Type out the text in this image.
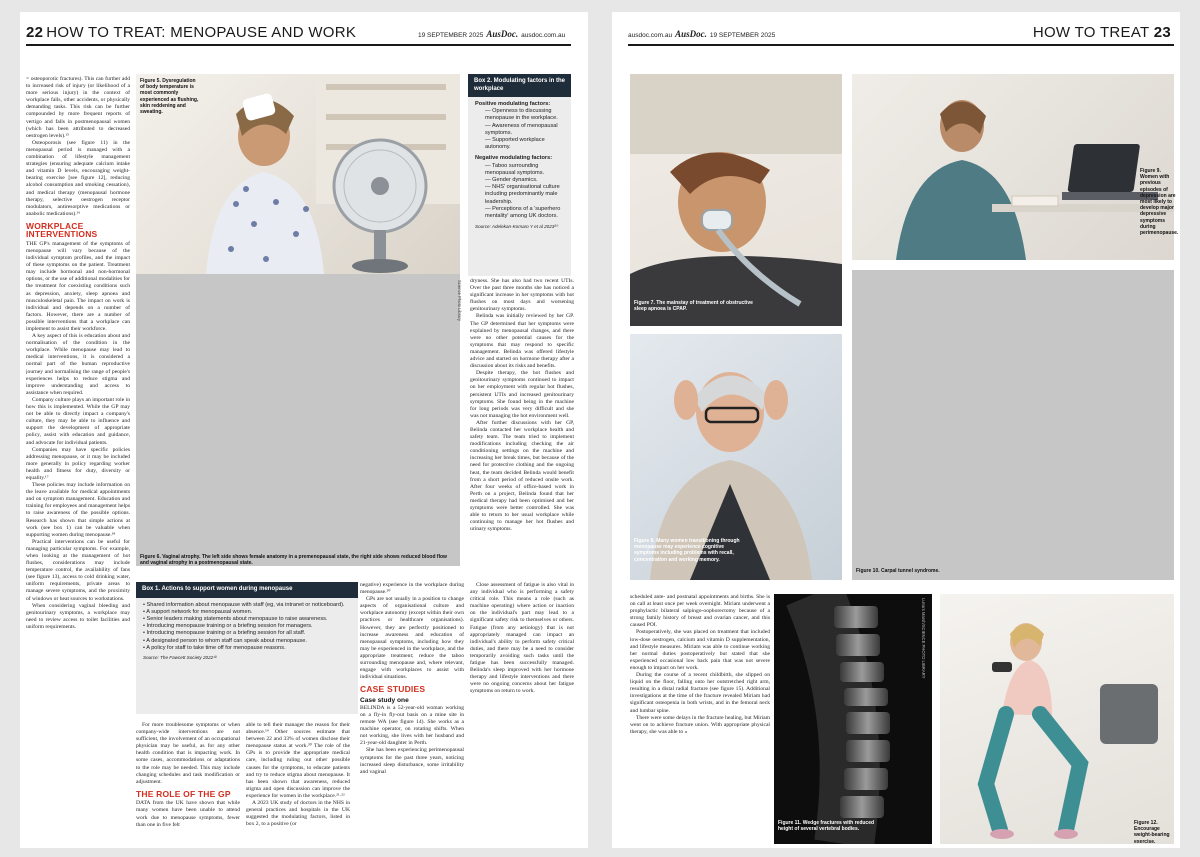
22 HOW TO TREAT: MENOPAUSE AND WORK	19 SEPTEMBER 2025 AusDoc. ausdoc.com.au

= osteoporotic fractures). This can further add to increased risk of injury (or likelihood of a more serious injury) in the context of workplace falls, other accidents, or physically demanding tasks. This risk can be further compounded by more frequent reports of vertigo and falls in postmenopausal women (which has been attributed to decreased oestrogen levels).¹⁵

Osteoporosis (see figure 11) in the menopausal period is managed with a combination of lifestyle management strategies (ensuring adequate calcium intake and vitamin D levels, encouraging weight-bearing exercise [see figure 12], reducing alcohol consumption and smoking cessation), and medical therapy (menopausal hormone therapy, selective oestrogen receptor modulators, antiresorptive medications or anabolic medications).¹⁶

WORKPLACE INTERVENTIONS

THE GP's management of the symptoms of menopause will vary because of the individual symptom profiles, and the impact of these symptoms on the patient. Treatment may include hormonal and non-hormonal options, or the use of additional modalities for the treatment for coexisting conditions such as depression, anxiety, sleep apnoea and musculoskeletal pain. The impact on work is individual and depends on a number of factors. However, there are a number of possible interventions that a workplace can implement to assist their workforce.

A key aspect of this is education about and normalisation of the condition in the workplace. While menopause may lead to medical interventions, it is considered a normal part of the human reproductive journey and normalising the range of people's experiences helps to reduce stigma and improve understanding and access to assistance when required.

Company culture plays an important role in how this is implemented. While the GP may not be able to directly impact a company's culture, they may be able to influence and support the development of appropriate policy, assist with education and guidance, and advocate for individual patients.

Companies may have specific policies addressing menopause, or it may be included more generally in policy regarding worker health and fitness for duty, diversity or equality.¹⁷

These policies may include information on the leave available for medical appointments and on symptom management. Education and training for employees and management helps to raise awareness of the possible options. Research has shown that simple actions at work (see box 1) can be valuable when supporting women during menopause.¹⁸

Practical interventions can be useful for managing particular symptoms. For example, when looking at the management of hot flushes, considerations may include temperature control, the availability of fans (see figure 13), access to cold drinking water, uniform requirements, private areas to manage severe symptoms, and the proximity of windows or heat sources to workstations.

When considering vaginal bleeding and genitourinary symptoms, a workplace may need to review access to toilet facilities and uniform requirements.

Figure 5. Dysregulation of body temperature is most commonly experienced as flushing, skin reddening and sweating.
Box 2. Modulating factors in the workplace
Positive modulating factors:
— Openness to discussing menopause in the workplace.
— Awareness of menopausal symptoms.
— Supported workplace autonomy.
Negative modulating factors:
— Taboo surrounding menopausal symptoms.
— Gender dynamics.
— NHS' organisational culture including predominantly male leadership.
— Perceptions of a 'superhero mentality' among UK doctors.
Source: Adelekan-Komaro Y et al 2023²⁰
Science Photo Library
Figure 6. Vaginal atrophy. The left side shows female anatomy in a premenopausal state, the right side shows reduced blood flow and vaginal atrophy in a postmenopausal state.

dryness. She has also had two recent UTIs. Over the past three months she has noticed a significant increase in her symptoms with hot flushes on most days and worsening genitourinary symptoms.

Belinda was initially reviewed by her GP. The GP determined that her symptoms were explained by menopausal changes, and there were no other potential causes for the symptoms that may respond to specific management. Belinda was offered lifestyle advice and started on hormone therapy after a discussion about its risks and benefits.

Despite therapy, the hot flushes and genitourinary symptoms continued to impact on her employment with regular hot flushes, persistent UTIs and increased genitourinary symptoms. She found being in the machine for long periods was very difficult and she was not managing the hot environment well.

After further discussions with her GP, Belinda contacted her workplace health and safety team. The team tried to implement modifications including checking the air conditioning settings on the machine and increasing her break times, but because of the need for protective clothing and the ongoing heat, the team decided Belinda would benefit from a short period of reduced onsite work. After four weeks of office-based work in Perth on a project, Belinda found that her medical therapy had been optimised and her symptoms were better controlled. She was able to return to her usual workplace while continuing to manage her hot flushes and urinary symptoms.

Box 1. Actions to support women during menopause
• Shared information about menopause with staff (eg, via intranet or noticeboard).
• A support network for menopausal women.
• Senior leaders making statements about menopause to raise awareness.
• Introducing menopause training or a briefing session for managers.
• Introducing menopause training or a briefing session for all staff.
• A designated person to whom staff can speak about menopause.
• A policy for staff to take time off for menopause reasons.
Source: The Fawcett Society 2022¹⁹

For more troublesome symptoms or when company-wide interventions are not sufficient, the involvement of an occupational physician may be useful, as for any other health condition that is impacting work. In some cases, accommodations or adaptations to the role may be needed. This may include changing schedules and task modification or adjustment.

THE ROLE OF THE GP

DATA from the UK have shown that while many women have been unable to attend work due to menopause symptoms, fewer than one in five felt

able to tell their manager the reason for their absence.¹⁹ Other sources estimate that between 22 and 33% of women disclose their menopause status at work.²⁰ The role of the GPs is to provide the appropriate medical care, including ruling out other possible causes for the symptoms, to educate patients and try to reduce stigma about menopause. It has been shown that awareness, reduced stigma and open discussion can improve the experience for women in the workplace.²¹·²²

A 2023 UK study of doctors in the NHS in general practices and hospitals in the UK suggested the modulating factors, listed in box 2, to a positive (or

negative) experience in the workplace during menopause.²⁰

GPs are not usually in a position to change aspects of organisational culture and workplace autonomy (except within their own practices or healthcare organisations). However, they are perfectly positioned to increase awareness and education of menopausal symptoms, including how they may be experienced in the workplace, and the appropriate treatment; reduce the taboo surrounding menopause and, where relevant, engage with workplaces to assist with individual situations.

CASE STUDIES
Case study one

BELINDA is a 52-year-old woman working on a fly-in fly-out basis on a mine site in remote WA (see figure 14). She works as a machine operator, on rotating shifts. When not working, she lives with her husband and 21-year-old daughter in Perth.

She has been experiencing perimenopausal symptoms for the past three years, noticing increased sleep disturbance, some irritability and vaginal

Close assessment of fatigue is also vital in any individual who is performing a safety critical role. This means a role (such as machine operating) where action or inaction on the individual's part may lead to a significant safety risk to themselves or others. Fatigue (from any aetiology) that is not appropriately managed can impact an individual's ability to perform safety critical duties, and there may be a need to consider temporarily avoiding such tasks until the fatigue has been successfully managed. Belinda's sleep improved with her hormone therapy and lifestyle interventions and there were no ongoing concerns about her fatigue symptoms on return to work.

ausdoc.com.au AusDoc. 19 SEPTEMBER 2025	HOW TO TREAT 23
Figure 7. The mainstay of treatment of obstructive sleep apnoea is CPAP.
Figure 9. Women with previous episodes of depression are most likely to develop major depressive symptoms during perimenopause.
Figure 8. Many women transitioning through menopause may experience cognitive symptoms including problems with recall, concentration and working memory.
Figure 10. Carpal tunnel syndrome.

scheduled ante- and postnatal appointments and births. She is on call at least once per week overnight. Miriam underwent a prophylactic bilateral salpingo-oophorectomy because of a strong family history of breast and ovarian cancer, and this caused POI.

Postoperatively, she was placed on treatment that included low-dose oestrogen, calcium and vitamin D supplementation, and lifestyle measures. Miriam was able to continue working her normal duties postoperatively but stated that she experienced occasional low back pain that was not severe enough to impact on her work.

During the course of a recent childbirth, she slipped on liquid on the floor, falling onto her outstretched right arm, resulting in a distal radial fracture (see figure 15). Additional investigations at the time of the fracture revealed Miriam had significant osteopenia in both wrists, and in the femoral neck and lumbar spine.

There were some delays in the fracture healing, but Miriam went on to achieve fracture union. With appropriate physical therapy, she was able to »

Lunars Marsh/SCIENCE PHOTO LIBRARY
Figure 11. Wedge fractures with reduced height of several vertebral bodies.
Figure 12. Encourage weight-bearing exercise.
